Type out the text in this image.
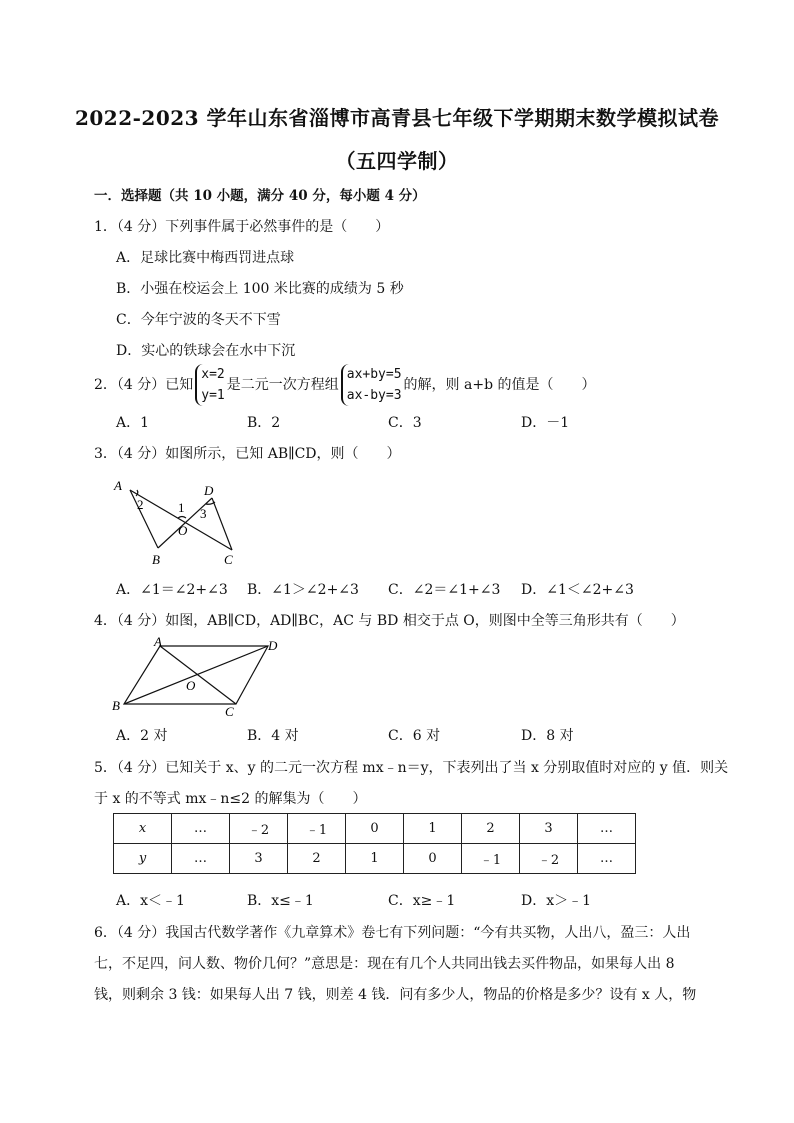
2022-2023 学年山东省淄博市高青县七年级下学期期末数学模拟试卷
（五四学制）
一．选择题（共 10 小题，满分 40 分，每小题 4 分）
1．（4 分）下列事件属于必然事件的是（　　）
A．足球比赛中梅西罚进点球
B．小强在校运会上 100 米比赛的成绩为 5 秒
C．今年宁波的冬天不下雪
D．实心的铁球会在水中下沉
2．（4 分）已知x=2
y=1是二元一次方程组ax+by=5
ax-by=3的解，则 a+b 的值是（　　）
A．1	B．2	C．3	D．－1
3．（4 分）如图所示，已知 AB∥CD，则（　　）
A	D
2	1 3
O
B	C
A．∠1＝∠2+∠3 B．∠1＞∠2+∠3 C．∠2＝∠1+∠3 D．∠1＜∠2+∠3
4．（4 分）如图，AB∥CD，AD∥BC，AC 与 BD 相交于点 O，则图中全等三角形共有（　　）
A	D
O
B	C
A．2 对	B．4 对	C．6 对	D．8 对
5．（4 分）已知关于 x、y 的二元一次方程 mx﹣n＝y，下表列出了当 x 分别取值时对应的 y 值．则关
于 x 的不等式 mx﹣n≤2 的解集为（　　）
x	…	﹣2	﹣1	0	1	2	3	…
y	…	3	2	1	0	﹣1	﹣2	…
A．x＜﹣1	B．x≤﹣1	C．x≥﹣1	D．x＞﹣1
6．（4 分）我国古代数学著作《九章算术》卷七有下列问题：“今有共买物，人出八，盈三：人出
七，不足四，问人数、物价几何？”意思是：现在有几个人共同出钱去买件物品，如果每人出 8
钱，则剩余 3 钱：如果每人出 7 钱，则差 4 钱．问有多少人，物品的价格是多少？设有 x 人，物
